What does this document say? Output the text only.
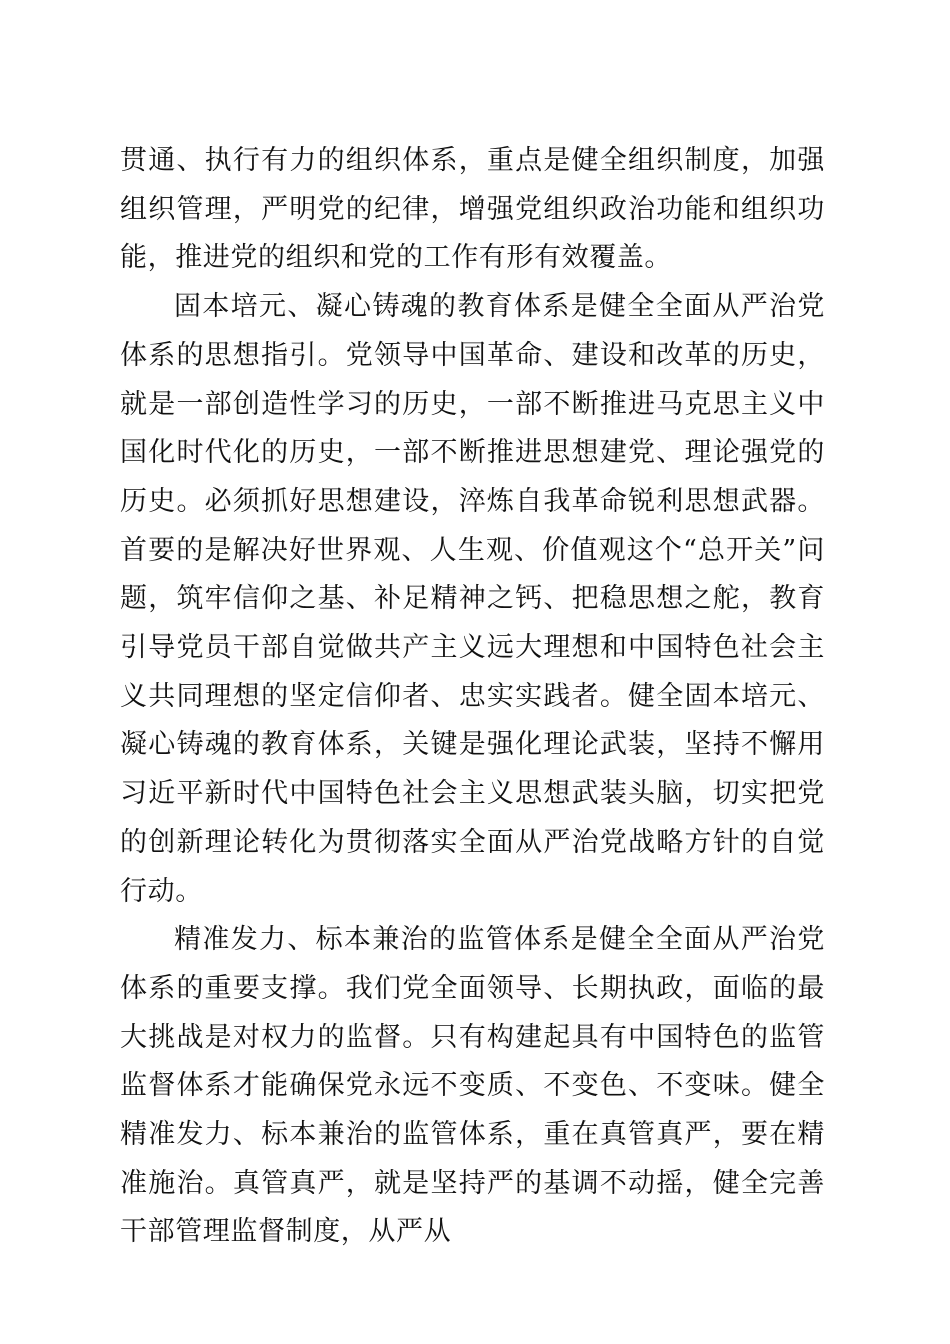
贯通、执行有力的组织体系，重点是健全组织制度，加强组织管理，严明党的纪律，增强党组织政治功能和组织功能，推进党的组织和党的工作有形有效覆盖。

固本培元、凝心铸魂的教育体系是健全全面从严治党体系的思想指引。党领导中国革命、建设和改革的历史，就是一部创造性学习的历史，一部不断推进马克思主义中国化时代化的历史，一部不断推进思想建党、理论强党的历史。必须抓好思想建设，淬炼自我革命锐利思想武器。首要的是解决好世界观、人生观、价值观这个“总开关”问题，筑牢信仰之基、补足精神之钙、把稳思想之舵，教育引导党员干部自觉做共产主义远大理想和中国特色社会主义共同理想的坚定信仰者、忠实实践者。健全固本培元、凝心铸魂的教育体系，关键是强化理论武装，坚持不懈用习近平新时代中国特色社会主义思想武装头脑，切实把党的创新理论转化为贯彻落实全面从严治党战略方针的自觉行动。

精准发力、标本兼治的监管体系是健全全面从严治党体系的重要支撑。我们党全面领导、长期执政，面临的最大挑战是对权力的监督。只有构建起具有中国特色的监管监督体系才能确保党永远不变质、不变色、不变味。健全精准发力、标本兼治的监管体系，重在真管真严，要在精准施治。真管真严，就是坚持严的基调不动摇，健全完善干部管理监督制度，从严从
